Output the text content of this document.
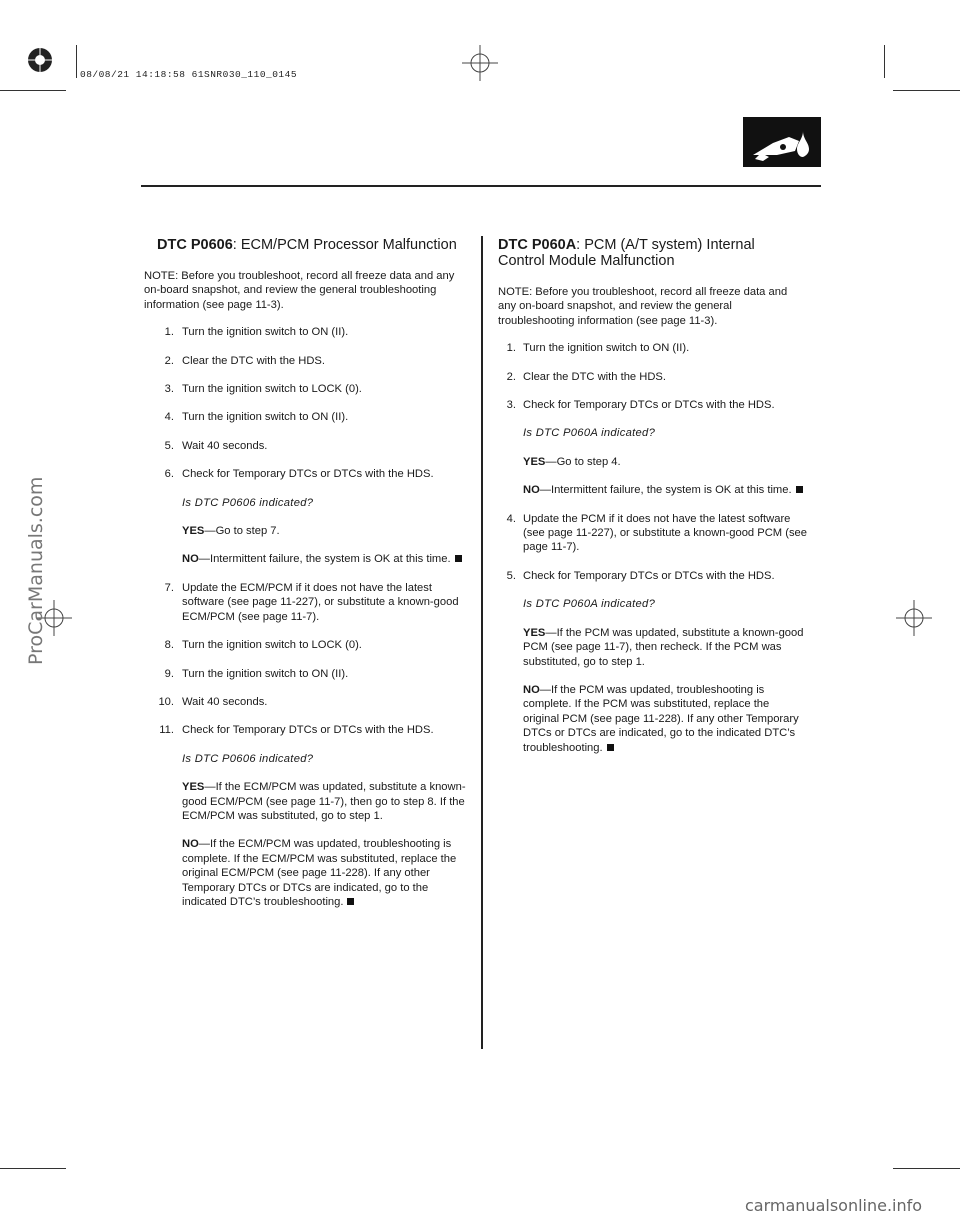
08/08/21 14:18:58 61SNR030_110_0145
ProCarManuals.com
carmanualsonline.info
DTC P0606: ECM/PCM Processor Malfunction

NOTE: Before you troubleshoot, record all freeze data and any on-board snapshot, and review the general troubleshooting information (see page 11-3).

1. Turn the ignition switch to ON (II).
2. Clear the DTC with the HDS.
3. Turn the ignition switch to LOCK (0).
4. Turn the ignition switch to ON (II).
5. Wait 40 seconds.
6. Check for Temporary DTCs or DTCs with the HDS.
Is DTC P0606 indicated?
YES—Go to step 7.
NO—Intermittent failure, the system is OK at this time.
7. Update the ECM/PCM if it does not have the latest software (see page 11-227), or substitute a known-good ECM/PCM (see page 11-7).
8. Turn the ignition switch to LOCK (0).
9. Turn the ignition switch to ON (II).
10. Wait 40 seconds.
11. Check for Temporary DTCs or DTCs with the HDS.
Is DTC P0606 indicated?
YES—If the ECM/PCM was updated, substitute a known-good ECM/PCM (see page 11-7), then go to step 8. If the ECM/PCM was substituted, go to step 1.
NO—If the ECM/PCM was updated, troubleshooting is complete. If the ECM/PCM was substituted, replace the original ECM/PCM (see page 11-228). If any other Temporary DTCs or DTCs are indicated, go to the indicated DTC’s troubleshooting.
DTC P060A: PCM (A/T system) Internal Control Module Malfunction

NOTE: Before you troubleshoot, record all freeze data and any on-board snapshot, and review the general troubleshooting information (see page 11-3).

1. Turn the ignition switch to ON (II).
2. Clear the DTC with the HDS.
3. Check for Temporary DTCs or DTCs with the HDS.
Is DTC P060A indicated?
YES—Go to step 4.
NO—Intermittent failure, the system is OK at this time.
4. Update the PCM if it does not have the latest software (see page 11-227), or substitute a known-good PCM (see page 11-7).
5. Check for Temporary DTCs or DTCs with the HDS.
Is DTC P060A indicated?
YES—If the PCM was updated, substitute a known-good PCM (see page 11-7), then recheck. If the PCM was substituted, go to step 1.
NO—If the PCM was updated, troubleshooting is complete. If the PCM was substituted, replace the original PCM (see page 11-228). If any other Temporary DTCs or DTCs are indicated, go to the indicated DTC’s troubleshooting.
